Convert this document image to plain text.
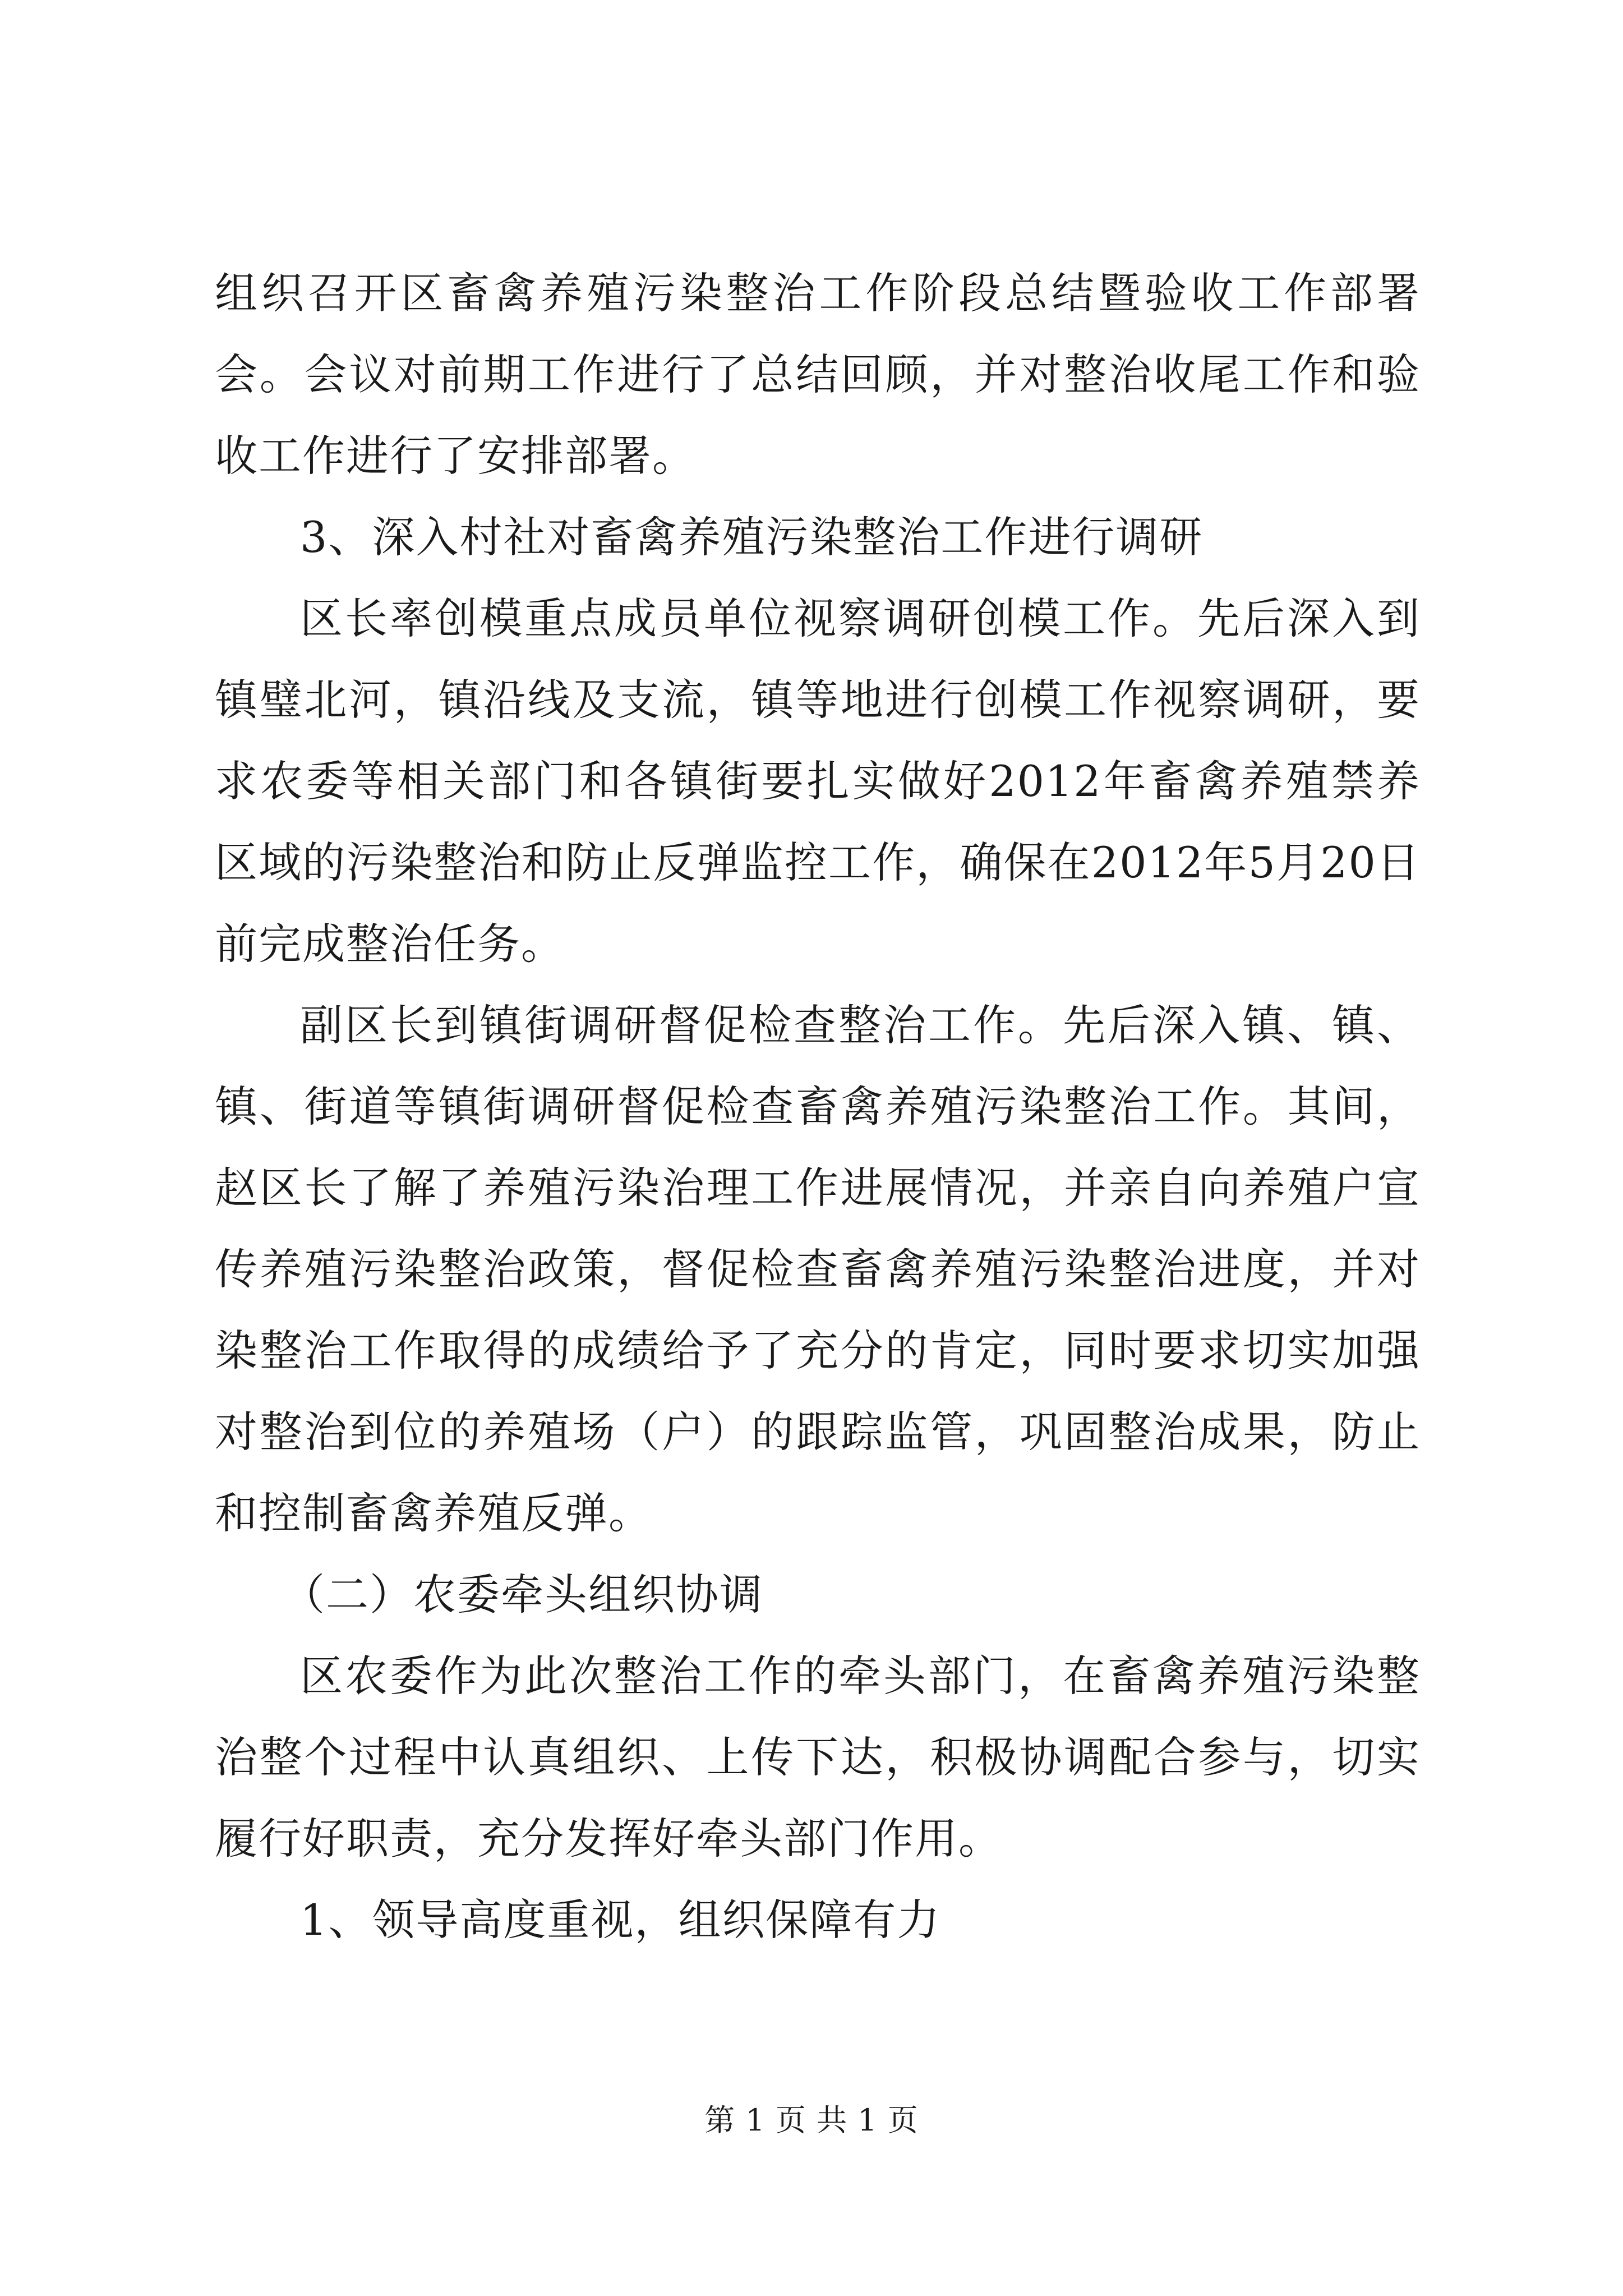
组织召开区畜禽养殖污染整治工作阶段总结暨验收工作部署会。会议对前期工作进行了总结回顾，并对整治收尾工作和验收工作进行了安排部署。

3、深入村社对畜禽养殖污染整治工作进行调研

区长率创模重点成员单位视察调研创模工作。先后深入到镇璧北河，镇沿线及支流，镇等地进行创模工作视察调研，要求农委等相关部门和各镇街要扎实做好2012年畜禽养殖禁养区域的污染整治和防止反弹监控工作，确保在2012年5月20日前完成整治任务。

副区长到镇街调研督促检查整治工作。先后深入镇、镇、镇、街道等镇街调研督促检查畜禽养殖污染整治工作。其间，赵区长了解了养殖污染治理工作进展情况，并亲自向养殖户宣传养殖污染整治政策，督促检查畜禽养殖污染整治进度，并对染整治工作取得的成绩给予了充分的肯定，同时要求切实加强对整治到位的养殖场（户）的跟踪监管，巩固整治成果，防止和控制畜禽养殖反弹。

（二）农委牵头组织协调

区农委作为此次整治工作的牵头部门，在畜禽养殖污染整治整个过程中认真组织、上传下达，积极协调配合参与，切实履行好职责，充分发挥好牵头部门作用。

1、领导高度重视，组织保障有力

第 1 页 共 1 页
